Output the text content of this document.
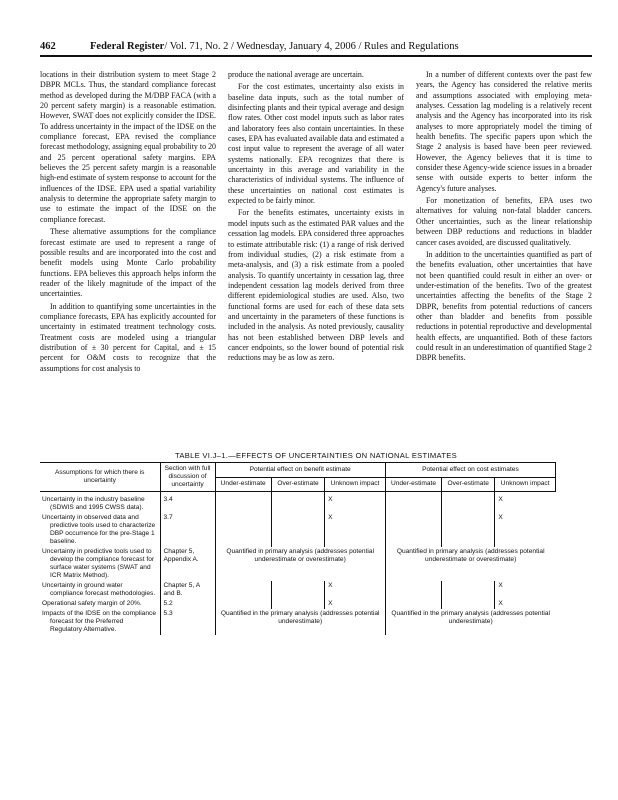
462	Federal Register / Vol. 71, No. 2 / Wednesday, January 4, 2006 / Rules and Regulations

locations in their distribution system to meet Stage 2 DBPR MCLs. Thus, the standard compliance forecast method as developed during the M/DBP FACA (with a 20 percent safety margin) is a reasonable estimation. However, SWAT does not explicitly consider the IDSE. To address uncertainty in the impact of the IDSE on the compliance forecast, EPA revised the compliance forecast methodology, assigning equal probability to 20 and 25 percent operational safety margins. EPA believes the 25 percent safety margin is a reasonable high-end estimate of system response to account for the influences of the IDSE. EPA used a spatial variability analysis to determine the appropriate safety margin to use to estimate the impact of the IDSE on the compliance forecast.

These alternative assumptions for the compliance forecast estimate are used to represent a range of possible results and are incorporated into the cost and benefit models using Monte Carlo probability functions. EPA believes this approach helps inform the reader of the likely magnitude of the impact of the uncertainties.

In addition to quantifying some uncertainties in the compliance forecasts, EPA has explicitly accounted for uncertainty in estimated treatment technology costs. Treatment costs are modeled using a triangular distribution of ± 30 percent for Capital, and ± 15 percent for O&M costs to recognize that the assumptions for cost analysis to

produce the national average are uncertain.

For the cost estimates, uncertainty also exists in baseline data inputs, such as the total number of disinfecting plants and their typical average and design flow rates. Other cost model inputs such as labor rates and laboratory fees also contain uncertainties. In these cases, EPA has evaluated available data and estimated a cost input value to represent the average of all water systems nationally. EPA recognizes that there is uncertainty in this average and variability in the characteristics of individual systems. The influence of these uncertainties on national cost estimates is expected to be fairly minor.

For the benefits estimates, uncertainty exists in model inputs such as the estimated PAR values and the cessation lag models. EPA considered three approaches to estimate attributable risk: (1) a range of risk derived from individual studies, (2) a risk estimate from a meta-analysis, and (3) a risk estimate from a pooled analysis. To quantify uncertainty in cessation lag, three independent cessation lag models derived from three different epidemiological studies are used. Also, two functional forms are used for each of these data sets and uncertainty in the parameters of these functions is included in the analysis. As noted previously, causality has not been established between DBP levels and cancer endpoints, so the lower bound of potential risk reductions may be as low as zero.

In a number of different contexts over the past few years, the Agency has considered the relative merits and assumptions associated with employing meta-analyses. Cessation lag modeling is a relatively recent analysis and the Agency has incorporated into its risk analyses to more appropriately model the timing of health benefits. The specific papers upon which the Stage 2 analysis is based have been peer reviewed. However, the Agency believes that it is time to consider these Agency-wide science issues in a broader sense with outside experts to better inform the Agency's future analyses.

For monetization of benefits, EPA uses two alternatives for valuing non-fatal bladder cancers. Other uncertainties, such as the linear relationship between DBP reductions and reductions in bladder cancer cases avoided, are discussed qualitatively.

In addition to the uncertainties quantified as part of the benefits evaluation, other uncertainties that have not been quantified could result in either an over- or under-estimation of the benefits. Two of the greatest uncertainties affecting the benefits of the Stage 2 DBPR, benefits from potential reductions of cancers other than bladder and benefits from possible reductions in potential reproductive and developmental health effects, are unquantified. Both of these factors could result in an underestimation of quantified Stage 2 DBPR benefits.

TABLE VI.J–1.—EFFECTS OF UNCERTAINTIES ON NATIONAL ESTIMATES
Assumptions for which there is uncertainty	Section with full discussion of uncertainty	Potential effect on benefit estimate			Potential effect on cost estimates		
		Under-estimate	Over-estimate	Unknown impact	Under-estimate	Over-estimate	Unknown impact
Uncertainty in the industry baseline (SDWIS and 1995 CWSS data).	3.4			X			X
Uncertainty in observed data and predictive tools used to characterize DBP occurrence for the pre-Stage 1 baseline.	3.7			X			X
Uncertainty in predictive tools used to develop the compliance forecast for surface water systems (SWAT and ICR Matrix Method).	Chapter 5, Appendix A.	Quantified in primary analysis (addresses potential underestimate or overestimate)			Quantified in primary analysis (addresses potential underestimate or overestimate)		
Uncertainty in ground water compliance forecast methodologies.	Chapter 5, A and B.			X			X
Operational safety margin of 20%.	5.2			X			X
Impacts of the IDSE on the compliance forecast for the Preferred Regulatory Alternative.	5.3	Quantified in the primary analysis (addresses potential underestimate)			Quantified in the primary analysis (addresses potential underestimate)		
